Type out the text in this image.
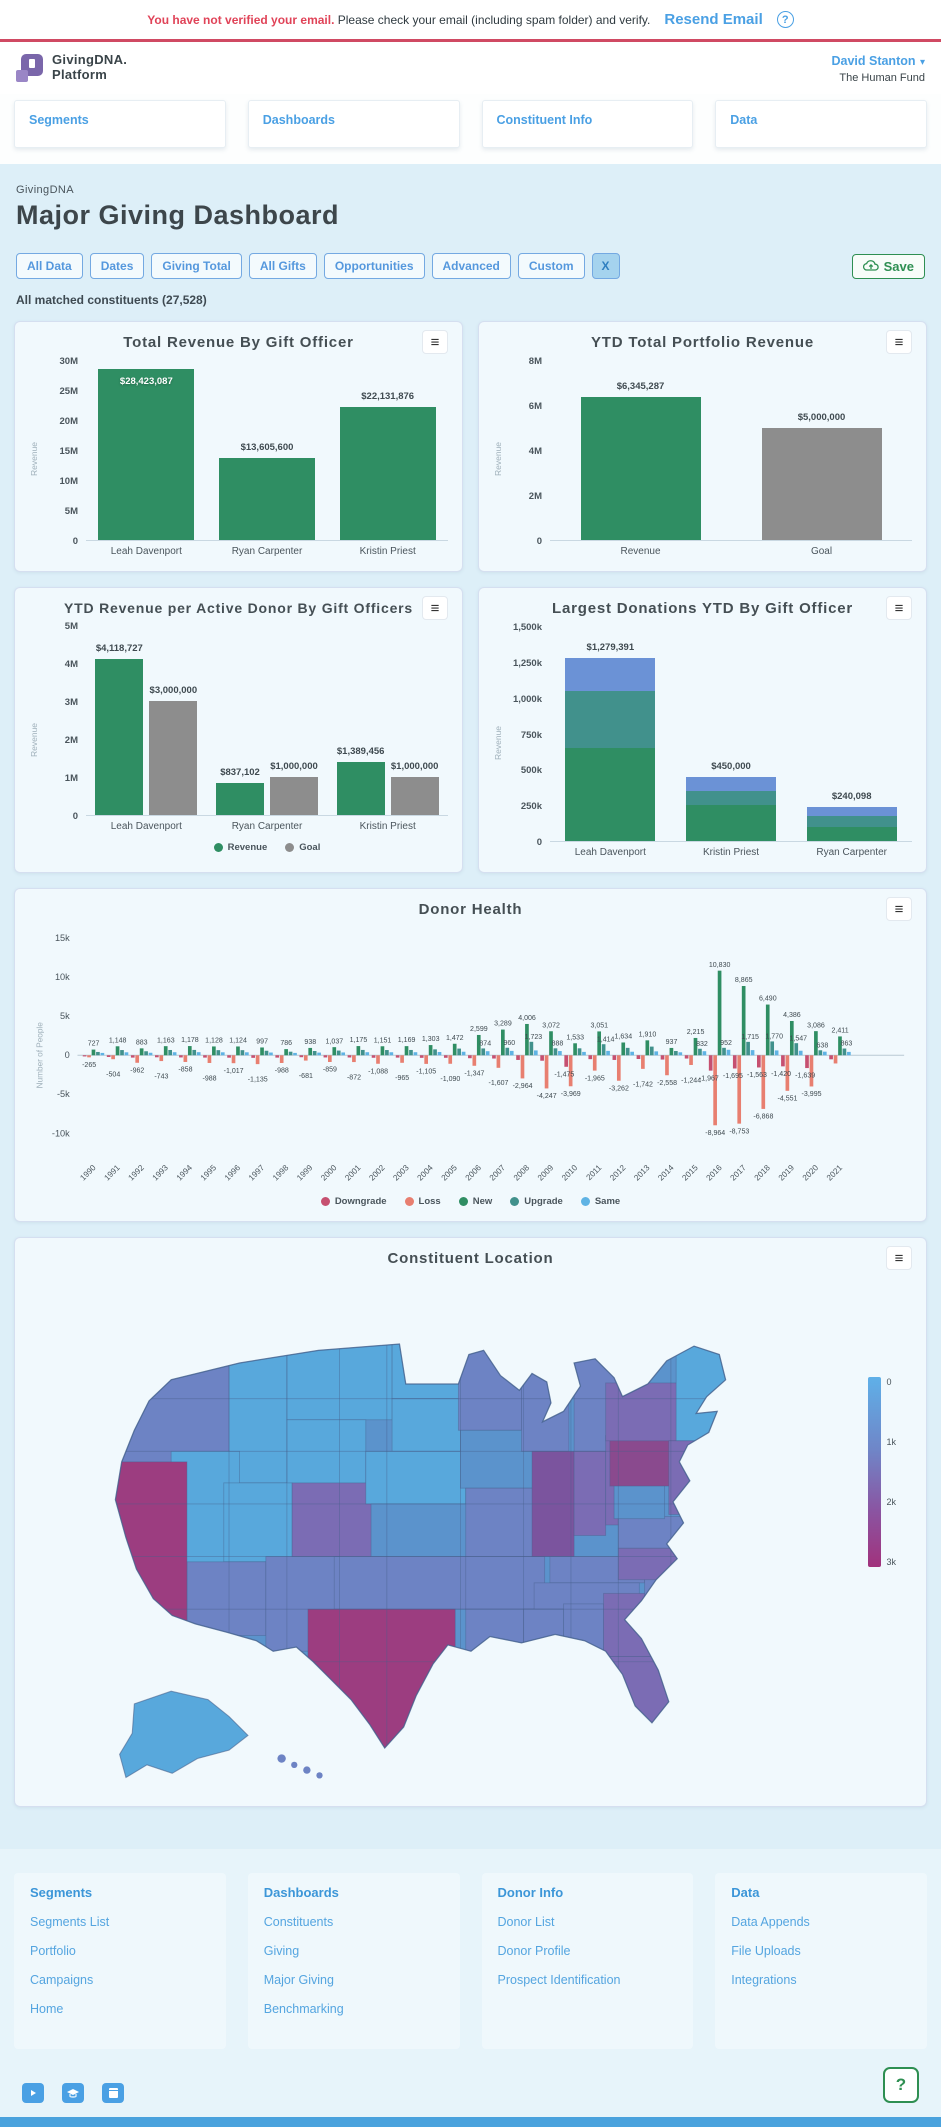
You have not verified your email. Please check your email (including spam folder) and verify. Resend Email	?
GivingDNA.
Platform
David Stanton ▾
The Human Fund
Segments	Dashboards	Constituent Info	Data
GivingDNA
Major Giving Dashboard
All Data	Dates	Giving Total	All Gifts	Opportunities	Advanced	Custom	X	Save
All matched constituents (27,528)
Total Revenue By Gift Officer	≡
Revenue
30M
25M
20M
15M
10M
5M
0
$28,423,087
$13,605,600
$22,131,876
Leah Davenport	Ryan Carpenter	Kristin Priest
YTD Total Portfolio Revenue	≡
Revenue
8M
6M
4M
2M
0
$6,345,287
$5,000,000
Revenue	Goal
YTD Revenue per Active Donor By Gift Officers	≡
Revenue
5M
4M
3M
2M
1M
0
$4,118,727
$3,000,000
$837,102
$1,000,000
$1,389,456
$1,000,000
Leah Davenport	Ryan Carpenter	Kristin Priest
Revenue	Goal
Largest Donations YTD By Gift Officer	≡
Revenue
1,500k
1,250k
1,000k
750k
500k
250k
0
$1,279,391
$450,000
$240,098
Leah Davenport	Kristin Priest	Ryan Carpenter
Donor Health	≡
Number of People
15k
10k
5k
0
-5k
-10k
727
-265
1990
1,148
-504
1991
883
-962
1992
1,163
-743
1993
1,178
-858
1994
1,128
-988
1995
1,124
-1,017
1996
997
-1,135
1997
786
-988
1998
938
-681
1999
1,037
-859
2000
1,175
-872
2001
1,151
-1,088
2002
1,169
-965
2003
1,303
-1,105
2004
1,472
-1,090
2005
2,599
874
-1,347
2006
3,289
960
-1,607
2007
4,006
1,723
-2,964
2008
3,072
888
-4,247
2009
1,533
-1,475
-3,969
2010
3,051
1,414
-1,965
2011
1,634
-3,262
2012
1,910
-1,742
2013
937
-2,558
2014
2,215
832
-1,244
2015
10,830
952
-1,967
-8,964
2016
8,865
1,715
-1,695
-8,753
2017
6,490
1,770
-1,563
-6,868
2018
4,386
1,547
-1,420
-4,551
2019
3,086
638
-1,639
-3,995
2020
2,411
863
2021
Downgrade	Loss	New	Upgrade	Same
Constituent Location	≡
0
1k
2k
3k
Segments
Segments List
Portfolio
Campaigns
Home
Dashboards
Constituents
Giving
Major Giving
Benchmarking
Donor Info
Donor List
Donor Profile
Prospect Identification
Data
Data Appends
File Uploads
Integrations
?
